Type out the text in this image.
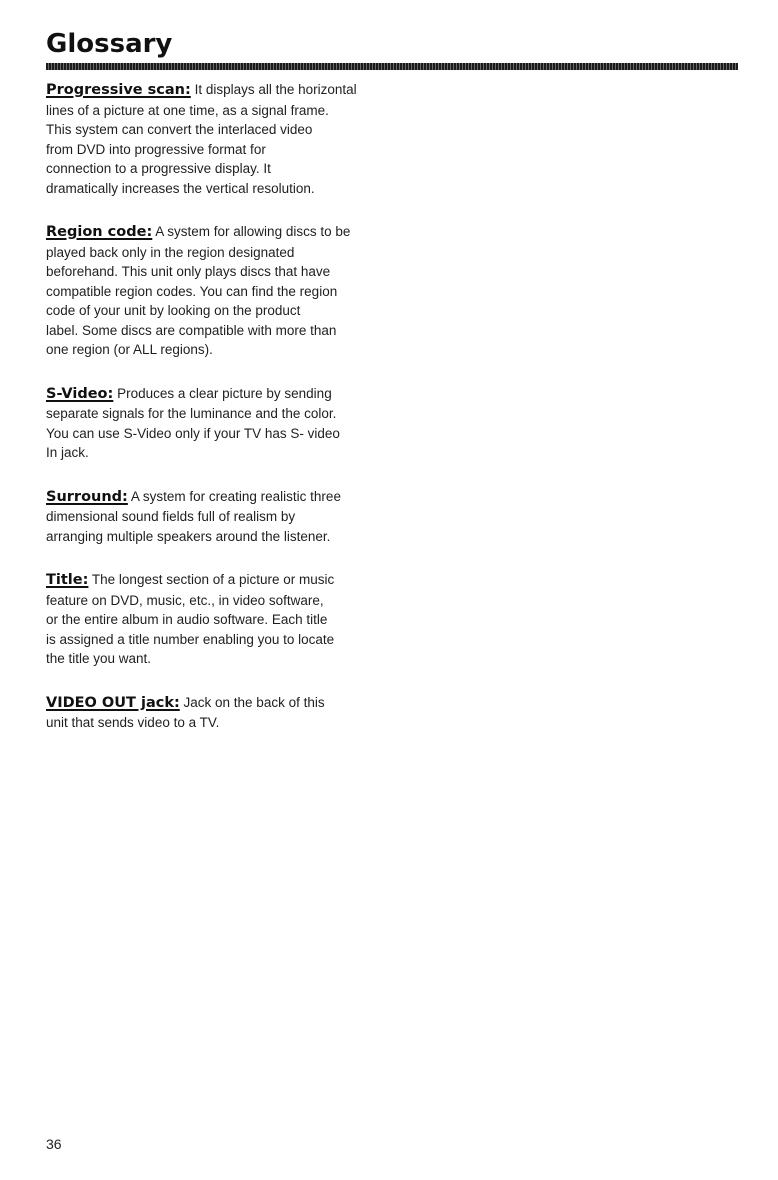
Glossary

Progressive scan: It displays all the horizontal
lines of a picture at one time, as a signal frame.
This system can convert the interlaced video
from DVD into progressive format for
connection to a progressive display. It
dramatically increases the vertical resolution.

Region code: A system for allowing discs to be
played back only in the region designated
beforehand. This unit only plays discs that have
compatible region codes. You can find the region
code of your unit by looking on the product
label. Some discs are compatible with more than
one region (or ALL regions).

S-Video: Produces a clear picture by sending
separate signals for the luminance and the color.
You can use S-Video only if your TV has S- video
In jack.

Surround: A system for creating realistic three
dimensional sound fields full of realism by
arranging multiple speakers around the listener.

Title: The longest section of a picture or music
feature on DVD, music, etc., in video software,
or the entire album in audio software. Each title
is assigned a title number enabling you to locate
the title you want.

VIDEO OUT jack: Jack on the back of this
unit that sends video to a TV.

36
